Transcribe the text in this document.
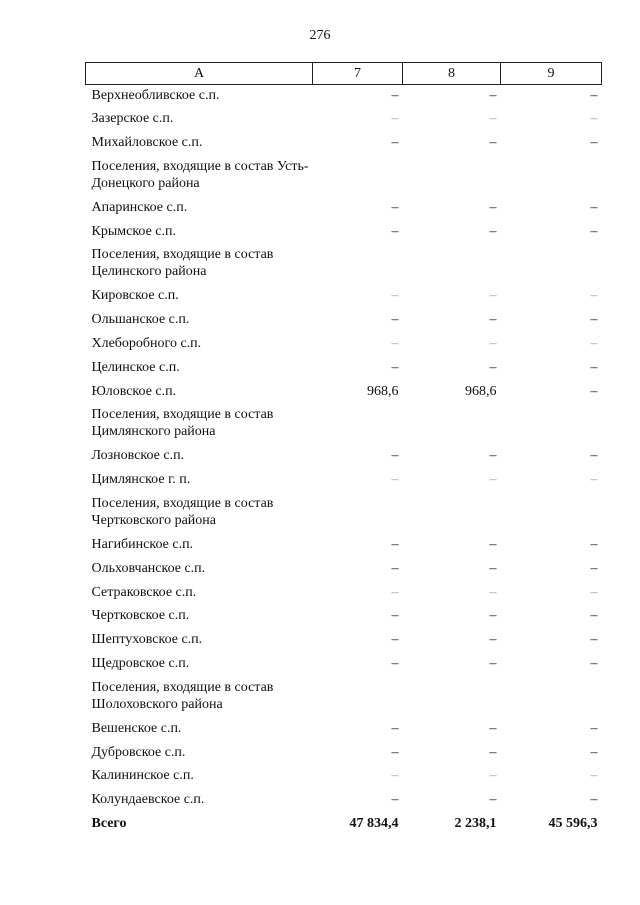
276
А	7	8	9
Верхнеобливское с.п.	–	–	–
Зазерское с.п.	–	–	–
Михайловское с.п.	–	–	–
Поселения, входящие в состав Усть-Донецкого района			
Апаринское с.п.	–	–	–
Крымское с.п.	–	–	–
Поселения, входящие в состав Целинского района			
Кировское с.п.	–	–	–
Ольшанское с.п.	–	–	–
Хлеборобного с.п.	–	–	–
Целинское с.п.	–	–	–
Юловское с.п.	968,6	968,6	–
Поселения, входящие в состав Цимлянского района			
Лозновское с.п.	–	–	–
Цимлянское г. п.	–	–	–
Поселения, входящие в состав Чертковского района			
Нагибинское с.п.	–	–	–
Ольховчанское с.п.	–	–	–
Сетраковское с.п.	–	–	–
Чертковское с.п.	–	–	–
Шептуховское с.п.	–	–	–
Щедровское с.п.	–	–	–
Поселения, входящие в состав Шолоховского района			
Вешенское с.п.	–	–	–
Дубровское с.п.	–	–	–
Калининское с.п.	–	–	–
Колундаевское с.п.	–	–	–
Всего	47 834,4	2 238,1	45 596,3
